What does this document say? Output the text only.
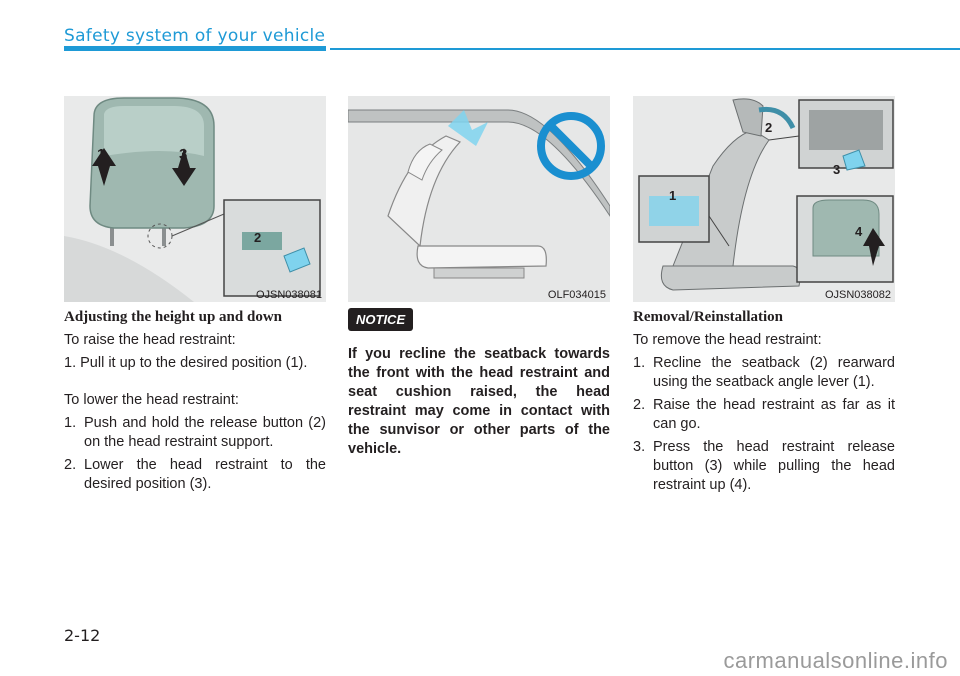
Safety system of your vehicle
1	3
2
OJSN038081	OLF034015
2
1
3
4
OJSN038082
Adjusting the height up and down
To raise the head restraint:
1. Pull it up to the desired position (1).
To lower the head restraint:
1. Push and hold the release button (2) on the head restraint support.
2. Lower the head restraint to the desired position (3).
NOTICE
If you recline the seatback towards the front with the head restraint and seat cushion raised, the head restraint may come in contact with the sunvisor or other parts of the vehicle.
Removal/Reinstallation
To remove the head restraint:
1. Recline the seatback (2) rearward using the seatback angle lever (1).
2. Raise the head restraint as far as it can go.
3. Press the head restraint release button (3) while pulling the head restraint up (4).
2-12
carmanualsonline.info
